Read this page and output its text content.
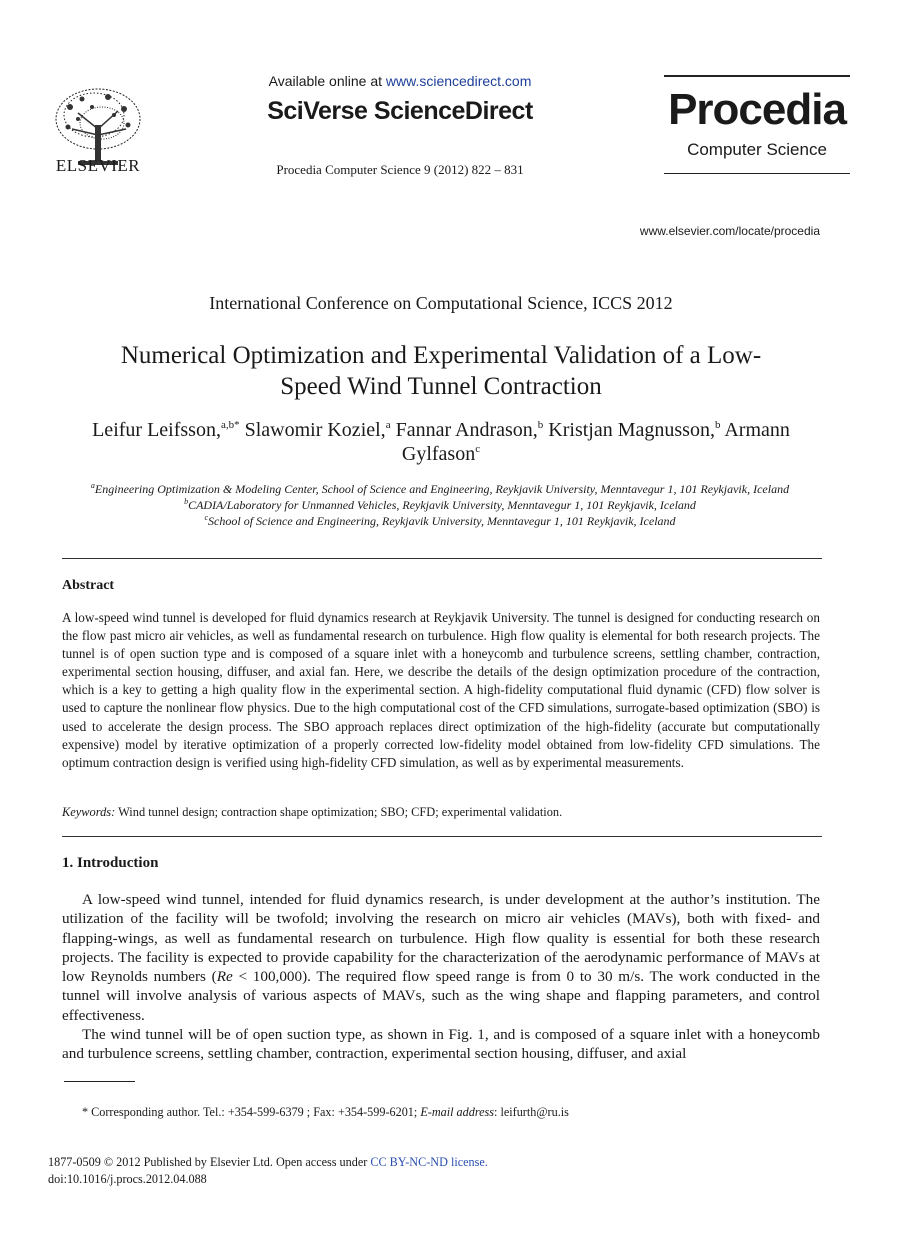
ELSEVIER
Available online at www.sciencedirect.com
SciVerse ScienceDirect
Procedia Computer Science 9 (2012) 822 – 831
Procedia
Computer Science
www.elsevier.com/locate/procedia
International Conference on Computational Science, ICCS 2012
Numerical Optimization and Experimental Validation of a Low-
Speed Wind Tunnel Contraction
Leifur Leifsson,$^{a,b*}$ Slawomir Koziel,$^a$ Fannar Andrason,$^b$ Kristjan Magnusson,$^b$ Armann
Gylfason$^c$
$^a$Engineering Optimization & Modeling Center, School of Science and Engineering, Reykjavik University, Menntavegur 1, 101 Reykjavik, Iceland
$^b$CADIA/Laboratory for Unmanned Vehicles, Reykjavik University, Menntavegur 1, 101 Reykjavik, Iceland
$^c$School of Science and Engineering, Reykjavik University, Menntavegur 1, 101 Reykjavik, Iceland
Abstract
A low-speed wind tunnel is developed for fluid dynamics research at Reykjavik University. The tunnel is designed for conducting research on the flow past micro air vehicles, as well as fundamental research on turbulence. High flow quality is elemental for both research projects. The tunnel is of open suction type and is composed of a square inlet with a honeycomb and turbulence screens, settling chamber, contraction, experimental section housing, diffuser, and axial fan. Here, we describe the details of the design optimization procedure of the contraction, which is a key to getting a high quality flow in the experimental section. A high-fidelity computational fluid dynamic (CFD) flow solver is used to capture the nonlinear flow physics. Due to the high computational cost of the CFD simulations, surrogate-based optimization (SBO) is used to accelerate the design process. The SBO approach replaces direct optimization of the high-fidelity (accurate but computationally expensive) model by iterative optimization of a properly corrected low-fidelity model obtained from low-fidelity CFD simulations. The optimum contraction design is verified using high-fidelity CFD simulation, as well as by experimental measurements.
Keywords: Wind tunnel design; contraction shape optimization; SBO; CFD; experimental validation.
1. Introduction

A low-speed wind tunnel, intended for fluid dynamics research, is under development at the author’s institution. The utilization of the facility will be twofold; involving the research on micro air vehicles (MAVs), both with fixed- and flapping-wings, as well as fundamental research on turbulence. High flow quality is essential for both these research projects. The facility is expected to provide capability for the characterization of the aerodynamic performance of MAVs at low Reynolds numbers (Re < 100,000). The required flow speed range is from 0 to 30 m/s. The work conducted in the tunnel will involve analysis of various aspects of MAVs, such as the wing shape and flapping parameters, and control effectiveness.

The wind tunnel will be of open suction type, as shown in Fig. 1, and is composed of a square inlet with a honeycomb and turbulence screens, settling chamber, contraction, experimental section housing, diffuser, and axial

* Corresponding author. Tel.: +354-599-6379 ; Fax: +354-599-6201; E-mail address: leifurth@ru.is
1877-0509 © 2012 Published by Elsevier Ltd. Open access under CC BY-NC-ND license.
doi:10.1016/j.procs.2012.04.088
